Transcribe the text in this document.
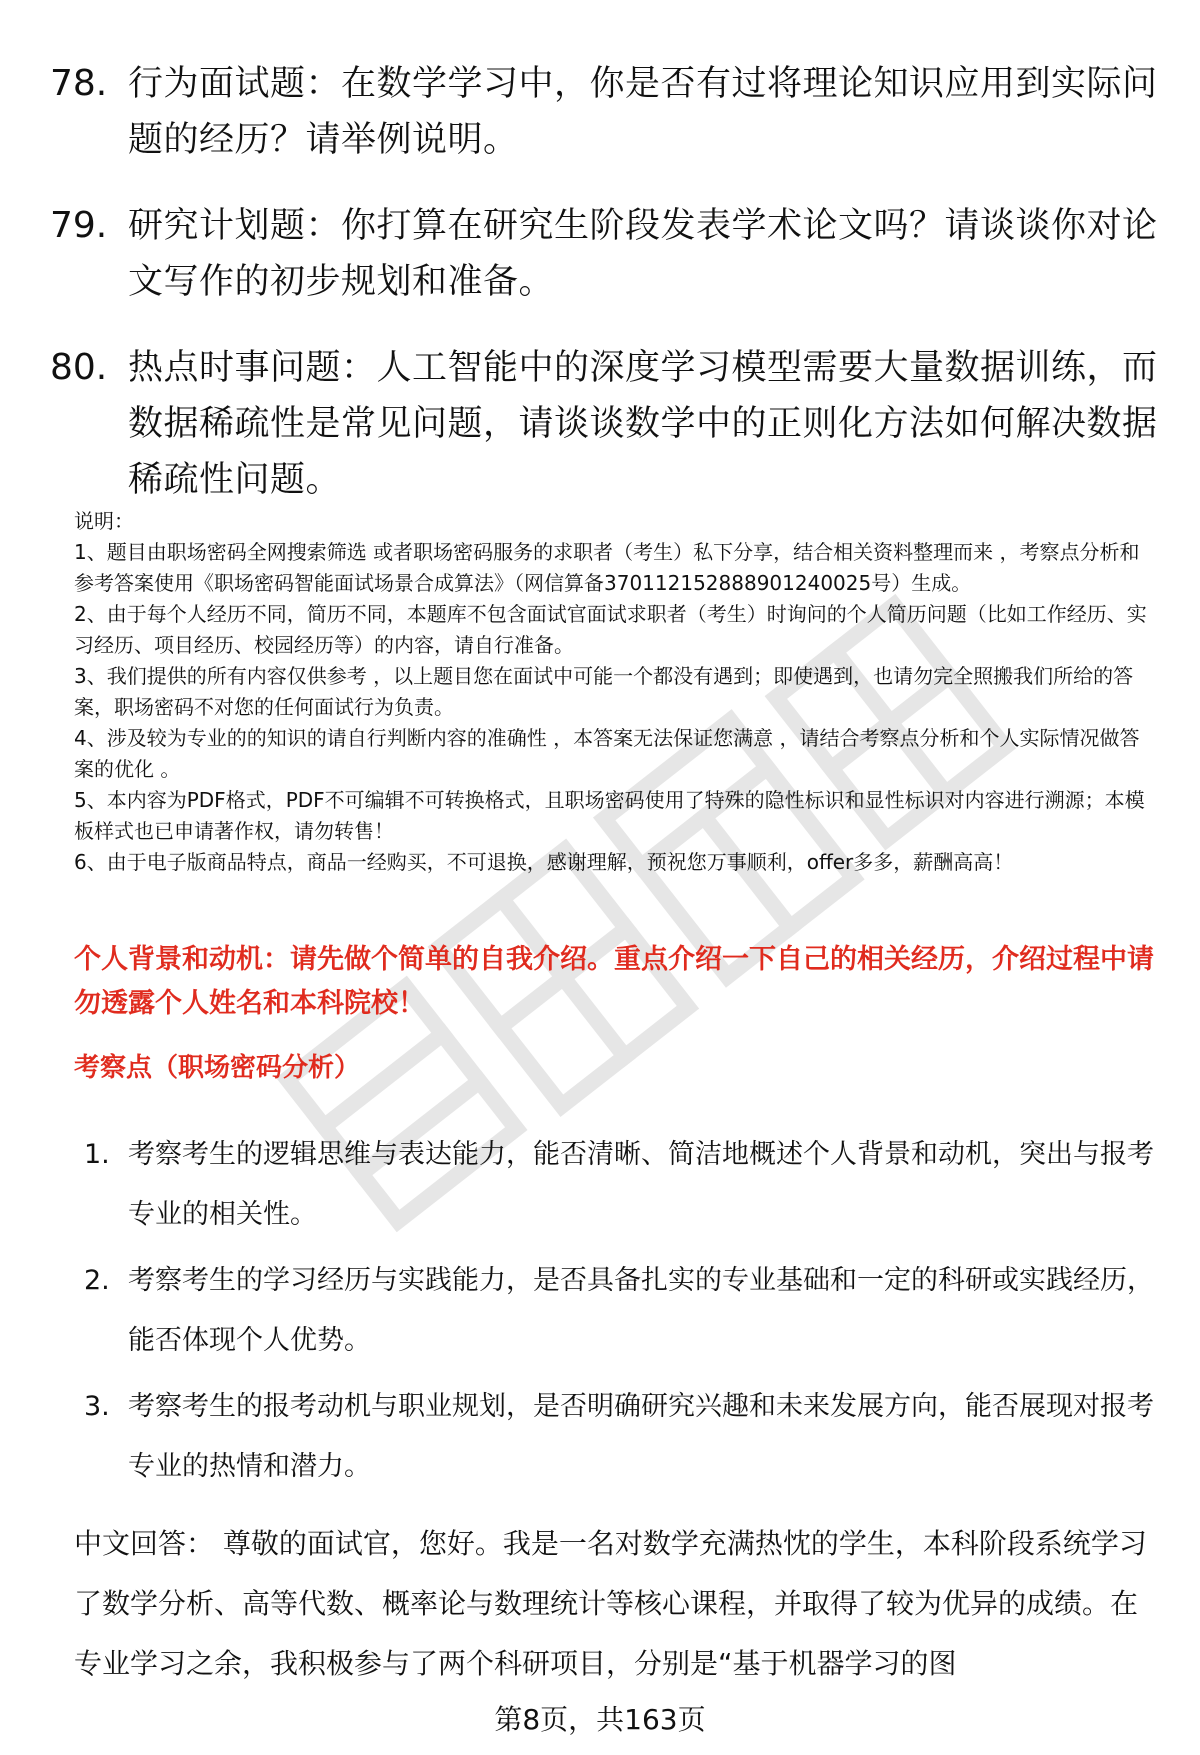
78. 行为面试题：在数学学习中，你是否有过将理论知识应用到实际问题的经历？请举例说明。
79. 研究计划题：你打算在研究生阶段发表学术论文吗？请谈谈你对论文写作的初步规划和准备。
80. 热点时事问题：人工智能中的深度学习模型需要大量数据训练，而数据稀疏性是常见问题，请谈谈数学中的正则化方法如何解决数据稀疏性问题。

说明：

1、题目由职场密码全网搜索筛选 或者职场密码服务的求职者（考生）私下分享，结合相关资料整理而来 ，考察点分析和参考答案使用《职场密码智能面试场景合成算法》（网信算备370112152888901240025号）生成。

2、由于每个人经历不同，简历不同，本题库不包含面试官面试求职者（考生）时询问的个人简历问题（比如工作经历、实习经历、项目经历、校园经历等）的内容，请自行准备。

3、我们提供的所有内容仅供参考 ，以上题目您在面试中可能一个都没有遇到；即使遇到，也请勿完全照搬我们所给的答案，职场密码不对您的任何面试行为负责。

4、涉及较为专业的的知识的请自行判断内容的准确性 ，本答案无法保证您满意 ，请结合考察点分析和个人实际情况做答案的优化 。

5、本内容为PDF格式，PDF不可编辑不可转换格式，且职场密码使用了特殊的隐性标识和显性标识对内容进行溯源；本模板样式也已申请著作权，请勿转售！

6、由于电子版商品特点，商品一经购买，不可退换，感谢理解，预祝您万事顺利，offer多多，薪酬高高！

个人背景和动机：请先做个简单的自我介绍。重点介绍一下自己的相关经历，介绍过程中请勿透露个人姓名和本科院校！
考察点（职场密码分析）
1. 考察考生的逻辑思维与表达能力，能否清晰、简洁地概述个人背景和动机，突出与报考专业的相关性。
2. 考察考生的学习经历与实践能力，是否具备扎实的专业基础和一定的科研或实践经历，能否体现个人优势。
3. 考察考生的报考动机与职业规划，是否明确研究兴趣和未来发展方向，能否展现对报考专业的热情和潜力。

中文回答： 尊敬的面试官，您好。我是一名对数学充满热忱的学生，本科阶段系统学习了数学分析、高等代数、概率论与数理统计等核心课程，并取得了较为优异的成绩。在专业学习之余，我积极参与了两个科研项目，分别是“基于机器学习的图

第8页，共163页
